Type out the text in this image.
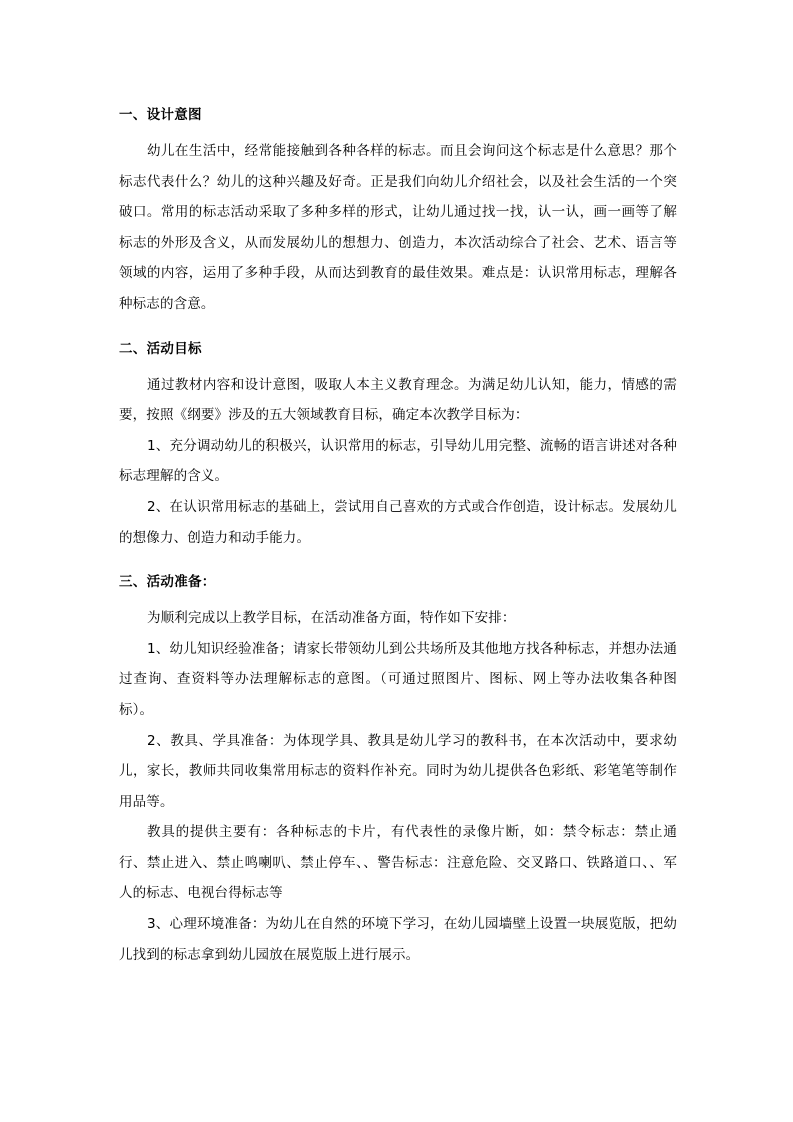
一、设计意图

幼儿在生活中，经常能接触到各种各样的标志。而且会询问这个标志是什么意思？那个标志代表什么？幼儿的这种兴趣及好奇。正是我们向幼儿介绍社会，以及社会生活的一个突破口。常用的标志活动采取了多种多样的形式，让幼儿通过找一找，认一认，画一画等了解标志的外形及含义，从而发展幼儿的想想力、创造力，本次活动综合了社会、艺术、语言等领域的内容，运用了多种手段，从而达到教育的最佳效果。难点是：认识常用标志，理解各种标志的含意。

二、活动目标

通过教材内容和设计意图，吸取人本主义教育理念。为满足幼儿认知，能力，情感的需要，按照《纲要》涉及的五大领域教育目标，确定本次教学目标为：

1、充分调动幼儿的积极兴，认识常用的标志，引导幼儿用完整、流畅的语言讲述对各种标志理解的含义。

2、在认识常用标志的基础上，尝试用自己喜欢的方式或合作创造，设计标志。发展幼儿的想像力、创造力和动手能力。

三、活动准备：

为顺利完成以上教学目标，在活动准备方面，特作如下安排：

1、幼儿知识经验准备；请家长带领幼儿到公共场所及其他地方找各种标志，并想办法通过查询、查资料等办法理解标志的意图。（可通过照图片、图标、网上等办法收集各种图标）。

2、教具、学具准备：为体现学具、教具是幼儿学习的教科书，在本次活动中，要求幼儿，家长，教师共同收集常用标志的资料作补充。同时为幼儿提供各色彩纸、彩笔笔等制作用品等。

教具的提供主要有：各种标志的卡片，有代表性的录像片断，如：禁令标志：禁止通行、禁止进入、禁止鸣喇叭、禁止停车、、警告标志：注意危险、交叉路口、铁路道口、、军人的标志、电视台得标志等

3、心理环境准备：为幼儿在自然的环境下学习，在幼儿园墙壁上设置一块展览版，把幼儿找到的标志拿到幼儿园放在展览版上进行展示。
